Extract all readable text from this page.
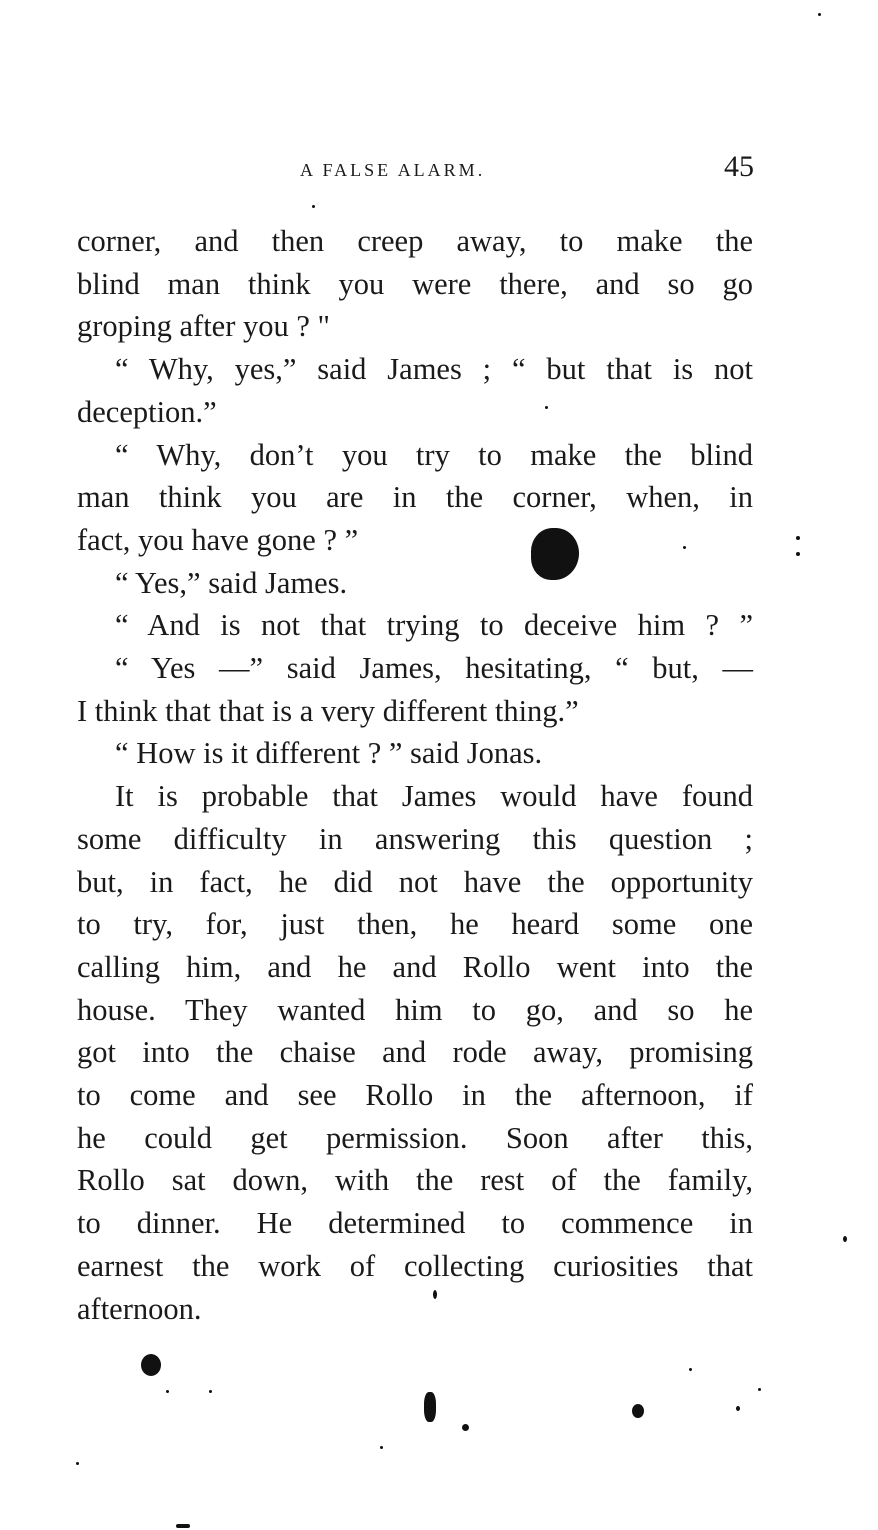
A FALSE ALARM.	45
corner, and then creep away, to make the
blind man think you were there, and so go
groping after you ? "
“ Why, yes,” said James ; “ but that is not
deception.”
“ Why, don’t you try to make the blind
man think you are in the corner, when, in
fact, you have gone ? ”
“ Yes,” said James.
“ And is not that trying to deceive him ? ”
“ Yes —” said James, hesitating, “ but, —
I think that that is a very different thing.”
“ How is it different ? ” said Jonas.
It is probable that James would have found
some difficulty in answering this question ;
but, in fact, he did not have the opportunity
to try, for, just then, he heard some one
calling him, and he and Rollo went into the
house. They wanted him to go, and so he
got into the chaise and rode away, promising
to come and see Rollo in the afternoon, if
he could get permission. Soon after this,
Rollo sat down, with the rest of the family,
to dinner. He determined to commence in
earnest the work of collecting curiosities that
afternoon.
